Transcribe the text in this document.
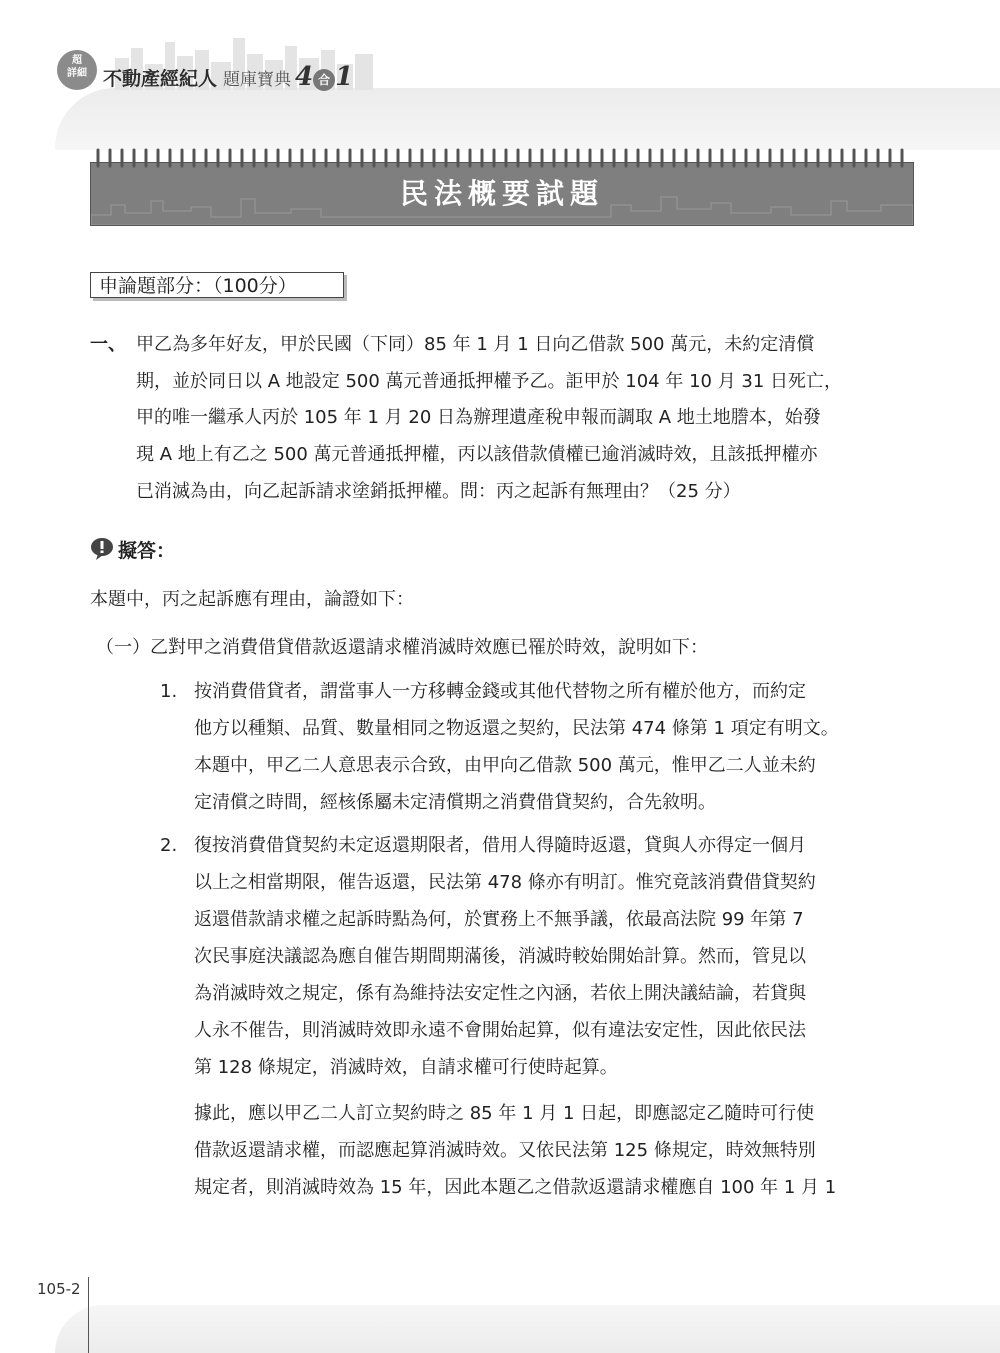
超
詳細 不動產經紀人 題庫寶典 4 合 1
民法概要試題
申論題部分：（100分）
一、 甲乙為多年好友，甲於民國（下同）85 年 1 月 1 日向乙借款 500 萬元，未約定清償
期，並於同日以 A 地設定 500 萬元普通抵押權予乙。詎甲於 104 年 10 月 31 日死亡，
甲的唯一繼承人丙於 105 年 1 月 20 日為辦理遺產稅申報而調取 A 地土地謄本，始發
現 A 地上有乙之 500 萬元普通抵押權，丙以該借款債權已逾消滅時效，且該抵押權亦
已消滅為由，向乙起訴請求塗銷抵押權。問：丙之起訴有無理由？（25 分）
擬答：
本題中，丙之起訴應有理由，論證如下：
（一）乙對甲之消費借貸借款返還請求權消滅時效應已罹於時效，說明如下：
1. 按消費借貸者，謂當事人一方移轉金錢或其他代替物之所有權於他方，而約定
他方以種類、品質、數量相同之物返還之契約，民法第 474 條第 1 項定有明文。
本題中，甲乙二人意思表示合致，由甲向乙借款 500 萬元，惟甲乙二人並未約
定清償之時間，經核係屬未定清償期之消費借貸契約，合先敘明。
2. 復按消費借貸契約未定返還期限者，借用人得隨時返還，貸與人亦得定一個月
以上之相當期限，催告返還，民法第 478 條亦有明訂。惟究竟該消費借貸契約
返還借款請求權之起訴時點為何，於實務上不無爭議，依最高法院 99 年第 7
次民事庭決議認為應自催告期間期滿後，消滅時較始開始計算。然而，管見以
為消滅時效之規定，係有為維持法安定性之內涵，若依上開決議結論，若貸與
人永不催告，則消滅時效即永遠不會開始起算，似有違法安定性，因此依民法
第 128 條規定，消滅時效，自請求權可行使時起算。
據此，應以甲乙二人訂立契約時之 85 年 1 月 1 日起，即應認定乙隨時可行使
借款返還請求權，而認應起算消滅時效。又依民法第 125 條規定，時效無特別
規定者，則消滅時效為 15 年，因此本題乙之借款返還請求權應自 100 年 1 月 1
105-2
